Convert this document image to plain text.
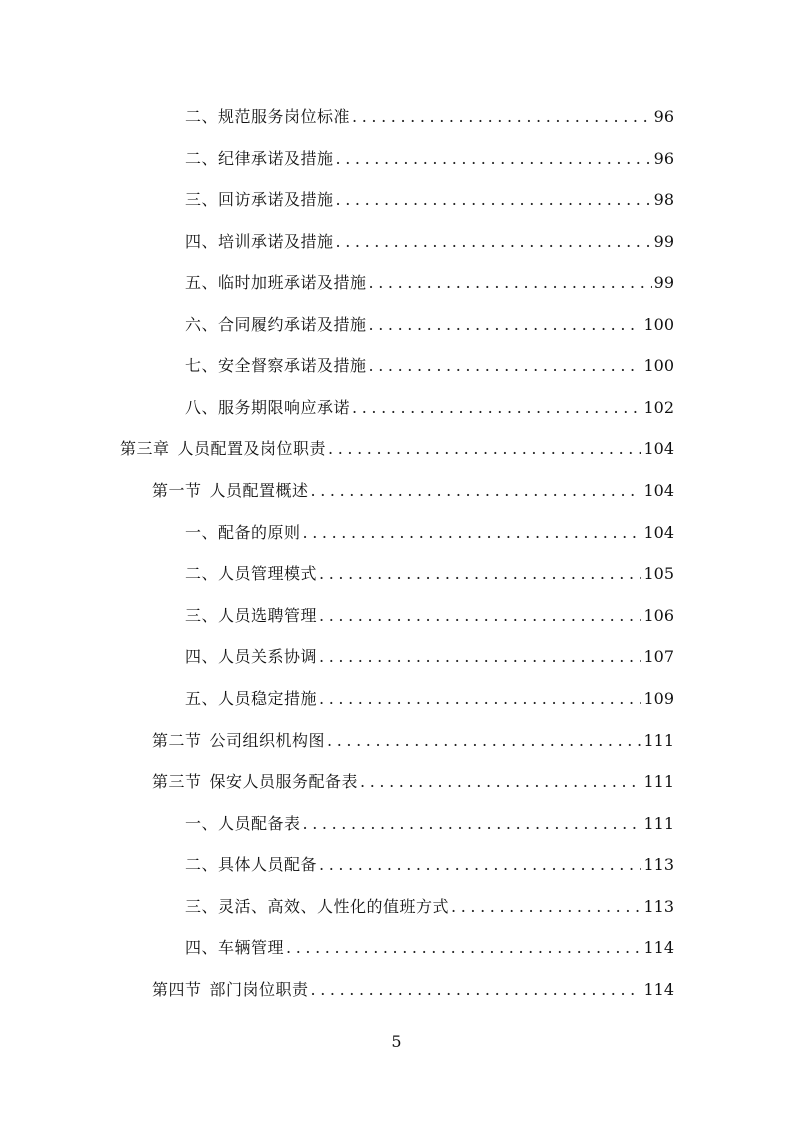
二、规范服务岗位标准 .....	96
二、纪律承诺及措施 .....	96
三、回访承诺及措施 .....	98
四、培训承诺及措施 .....	99
五、临时加班承诺及措施 .....	99
六、合同履约承诺及措施 .....	100
七、安全督察承诺及措施 .....	100
八、服务期限响应承诺 .....	102
第三章 人员配置及岗位职责 .....	104
第一节 人员配置概述 .....	104
一、配备的原则 .....	104
二、人员管理模式 .....	105
三、人员选聘管理 .....	106
四、人员关系协调 .....	107
五、人员稳定措施 .....	109
第二节 公司组织机构图 .....	111
第三节 保安人员服务配备表 .....	111
一、人员配备表 .....	111
二、具体人员配备 .....	113
三、灵活、高效、人性化的值班方式 .....	113
四、车辆管理 .....	114
第四节 部门岗位职责 .....	114
5
